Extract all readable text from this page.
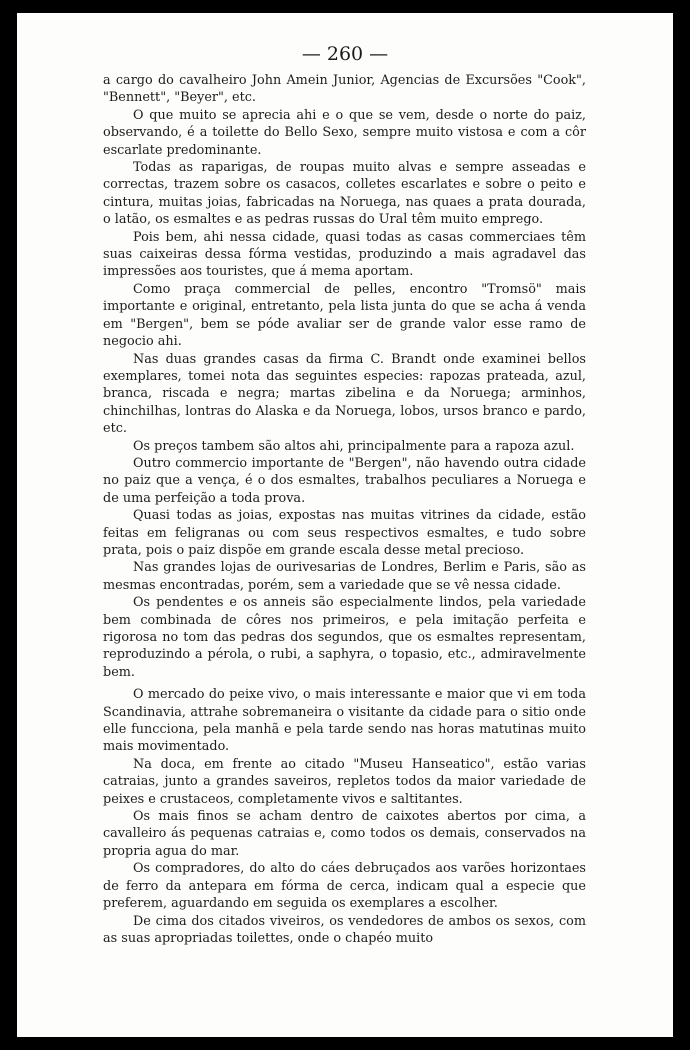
— 260 —

a cargo do cavalheiro John Amein Junior, Agencias de Excursões "Cook", "Bennett", "Beyer", etc.

O que muito se aprecia ahi e o que se vem, desde o norte do paiz, observando, é a toilette do Bello Sexo, sempre muito vistosa e com a côr escarlate predominante.

Todas as raparigas, de roupas muito alvas e sempre asseadas e correctas, trazem sobre os casacos, colletes escarlates e sobre o peito e cintura, muitas joias, fabricadas na Noruega, nas quaes a prata dourada, o latão, os esmaltes e as pedras russas do Ural têm muito emprego.

Pois bem, ahi nessa cidade, quasi todas as casas commerciaes têm suas caixeiras dessa fórma vestidas, produzindo a mais agradavel das impressões aos touristes, que á mema aportam.

Como praça commercial de pelles, encontro "Tromsö" mais importante e original, entretanto, pela lista junta do que se acha á venda em "Bergen", bem se póde avaliar ser de grande valor esse ramo de negocio ahi.

Nas duas grandes casas da firma C. Brandt onde examinei bellos exemplares, tomei nota das seguintes especies: rapozas prateada, azul, branca, riscada e negra; martas zibelina e da Noruega; arminhos, chinchilhas, lontras do Alaska e da Noruega, lobos, ursos branco e pardo, etc.

Os preços tambem são altos ahi, principalmente para a rapoza azul.

Outro commercio importante de "Bergen", não havendo outra cidade no paiz que a vença, é o dos esmaltes, trabalhos peculiares a Noruega e de uma perfeição a toda prova.

Quasi todas as joias, expostas nas muitas vitrines da cidade, estão feitas em feligranas ou com seus respectivos esmaltes, e tudo sobre prata, pois o paiz dispõe em grande escala desse metal precioso.

Nas grandes lojas de ourivesarias de Londres, Berlim e Paris, são as mesmas encontradas, porém, sem a variedade que se vê nessa cidade.

Os pendentes e os anneis são especialmente lindos, pela variedade bem combinada de côres nos primeiros, e pela imitação perfeita e rigorosa no tom das pedras dos segundos, que os esmaltes representam, reproduzindo a pérola, o rubi, a saphyra, o topasio, etc., admiravelmente bem.

O mercado do peixe vivo, o mais interessante e maior que vi em toda Scandinavia, attrahe sobremaneira o visitante da cidade para o sitio onde elle funcciona, pela manhã e pela tarde sendo nas horas matutinas muito mais movimentado.

Na doca, em frente ao citado "Museu Hanseatico", estão varias catraias, junto a grandes saveiros, repletos todos da maior variedade de peixes e crustaceos, completamente vivos e saltitantes.

Os mais finos se acham dentro de caixotes abertos por cima, a cavalleiro ás pequenas catraias e, como todos os demais, conservados na propria agua do mar.

Os compradores, do alto do cáes debruçados aos varões horizontaes de ferro da antepara em fórma de cerca, indicam qual a especie que preferem, aguardando em seguida os exemplares a escolher.

De cima dos citados viveiros, os vendedores de ambos os sexos, com as suas apropriadas toilettes, onde o chapéo muito
